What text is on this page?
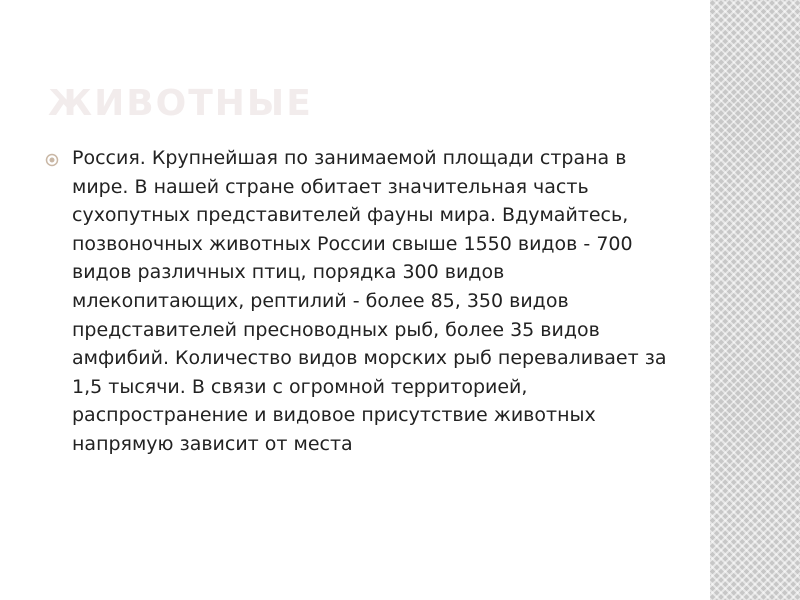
ЖИВОТНЫЕ

Россия. Крупнейшая по занимаемой площади страна в мире. В нашей стране обитает значительная часть сухопутных представителей фауны мира. Вдумайтесь, позвоночных животных России свыше 1550 видов - 700 видов различных птиц, порядка 300 видов млекопитающих, рептилий - более 85, 350 видов представителей пресноводных рыб, более 35 видов амфибий. Количество видов морских рыб переваливает за 1,5 тысячи. В связи с огромной территорией, распространение и видовое присутствие животных напрямую зависит от места
